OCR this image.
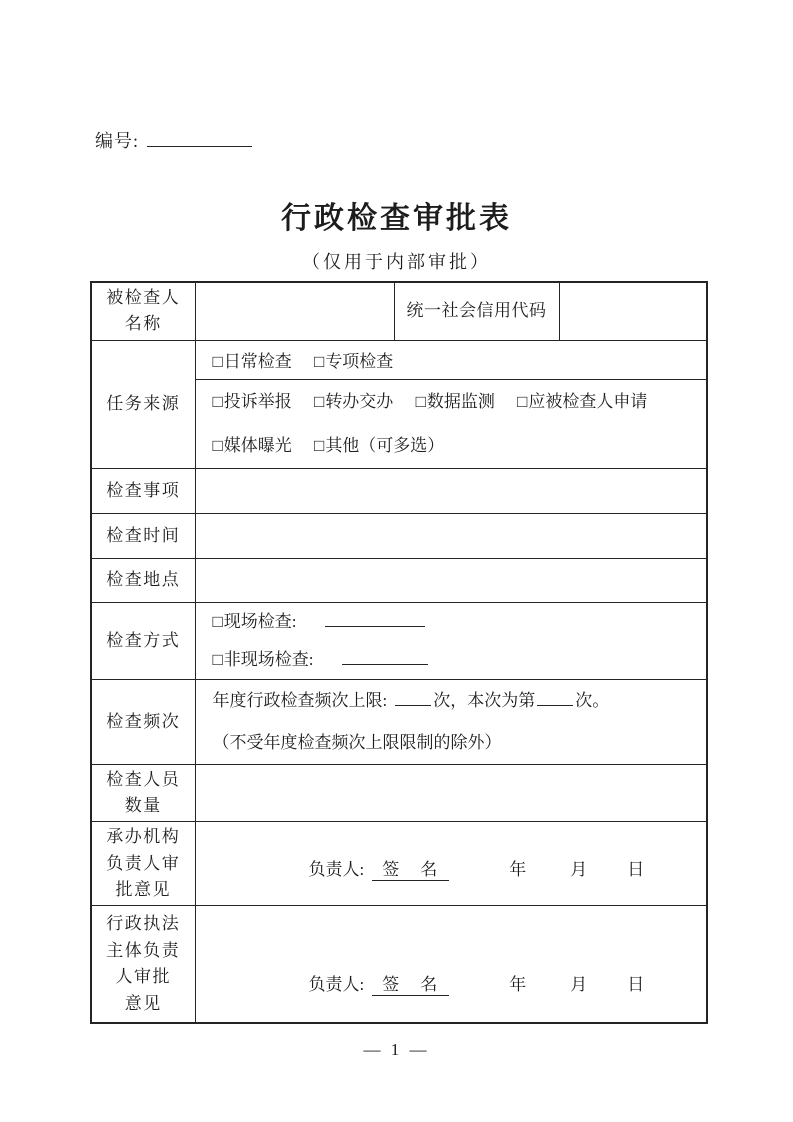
编号:
行政检查审批表
（仅用于内部审批）
被检查人
名称		统一社会信用代码	
任务来源	□日常检查 □专项检查		

	□投诉举报 □转办交办 □数据监测 □应被检查人申请
□媒体曝光 □其他（可多选）		

检查事项			
检查时间			
检查地点			
检查方式	□现场检查:
□非现场检查:		

检查频次	年度行政检查频次上限: 次，本次为第 次。
（不受年度检查频次上限限制的除外）		

检查人员
数量			

承办机构
负责人审
批意见	负责人: 签　名 年 月 日		

行政执法
主体负责
人审批
意见	负责人: 签　名 年 月 日		
— 1 —
